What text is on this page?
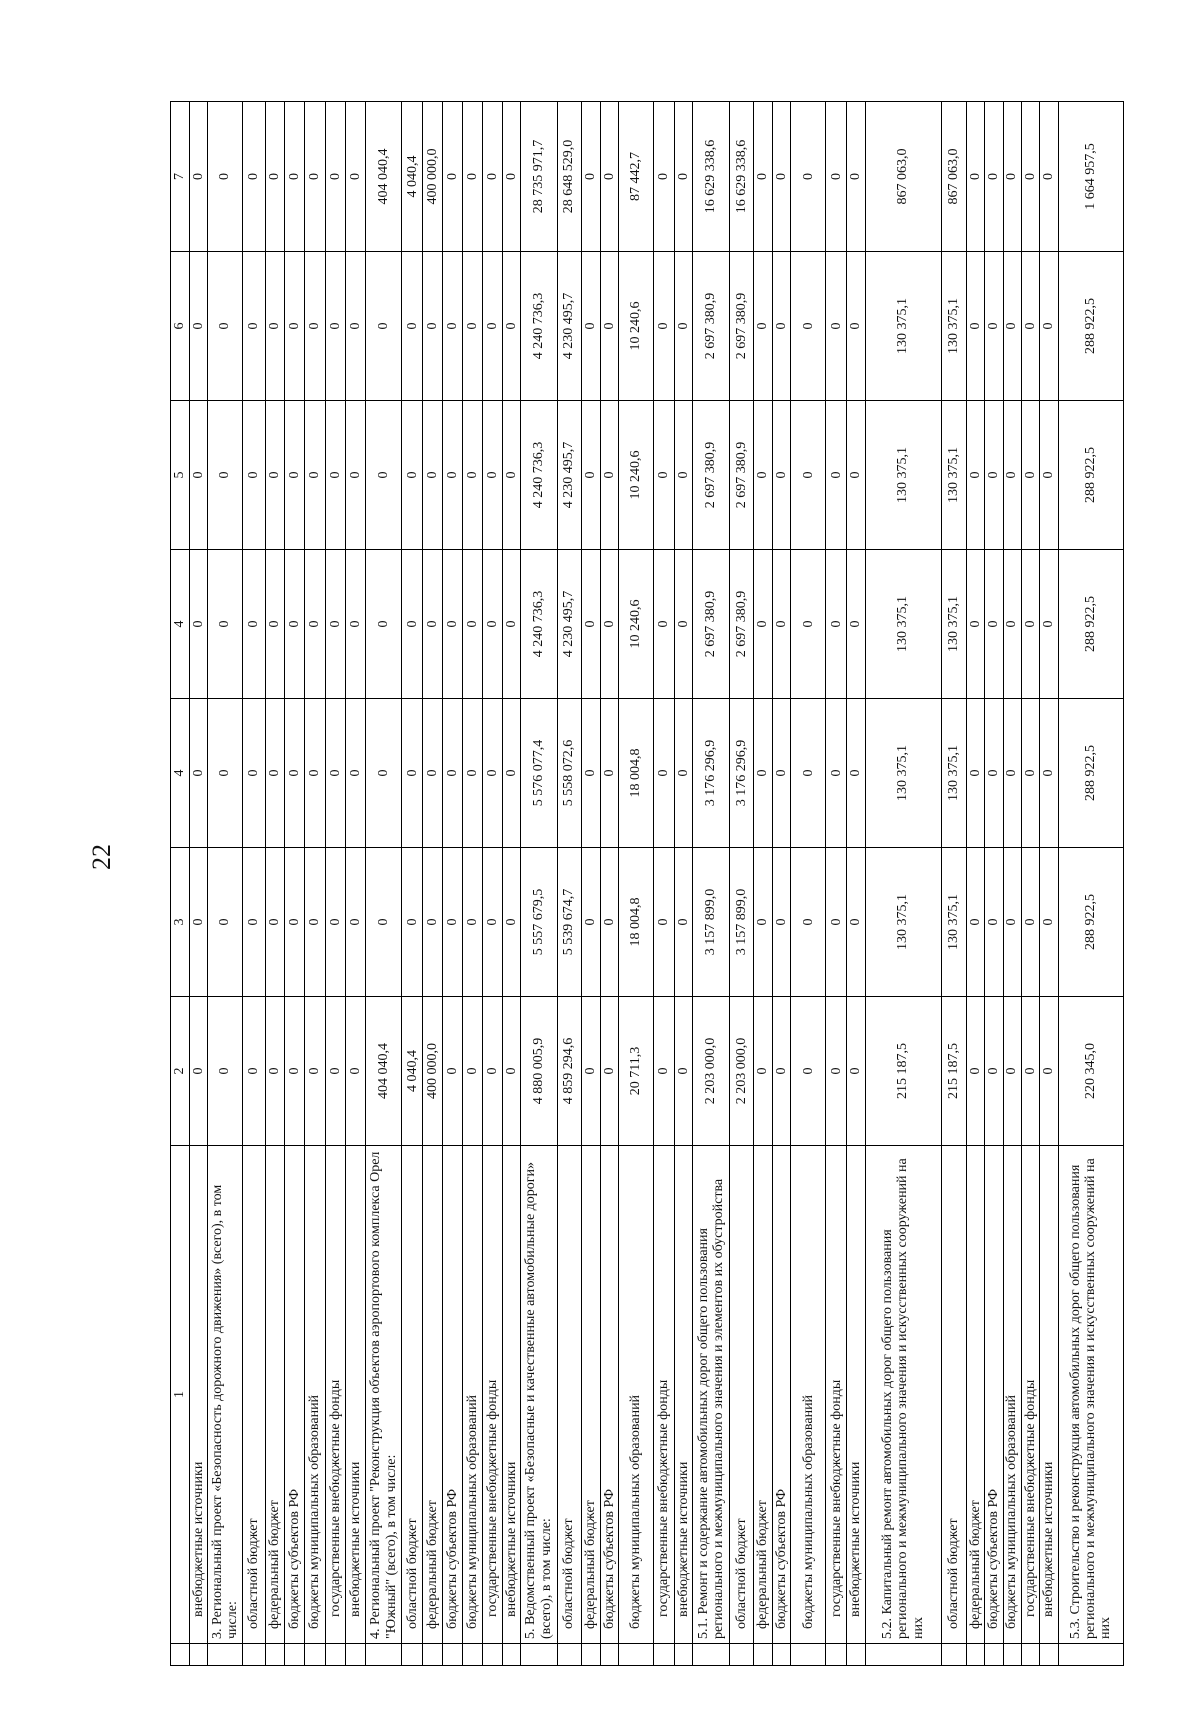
22
	1	2	3	4	4	5	6	7
	внебюджетные источники	0	0	0	0	0	0	0
	3. Региональный проект «Безопасность дорожного движения» (всего), в том числе:	0	0	0	0	0	0	0
	областной бюджет	0	0	0	0	0	0	0
	федеральный бюджет	0	0	0	0	0	0	0
	бюджеты субъектов РФ	0	0	0	0	0	0	0
	бюджеты муниципальных образований	0	0	0	0	0	0	0
	государственные внебюджетные фонды	0	0	0	0	0	0	0
	внебюджетные источники	0	0	0	0	0	0	0
	4. Региональный проект "Реконструкция объектов аэропортового комплекса Орел "Южный" (всего), в том числе:	404 040,4	0	0	0	0	0	404 040,4
	областной бюджет	4 040,4	0	0	0	0	0	4 040,4
	федеральный бюджет	400 000,0	0	0	0	0	0	400 000,0
	бюджеты субъектов РФ	0	0	0	0	0	0	0
	бюджеты муниципальных образований	0	0	0	0	0	0	0
	государственные внебюджетные фонды	0	0	0	0	0	0	0
	внебюджетные источники	0	0	0	0	0	0	0
	5. Ведомственный проект «Безопасные и качественные автомобильные дороги» (всего), в том числе:	4 880 005,9	5 557 679,5	5 576 077,4	4 240 736,3	4 240 736,3	4 240 736,3	28 735 971,7
	областной бюджет	4 859 294,6	5 539 674,7	5 558 072,6	4 230 495,7	4 230 495,7	4 230 495,7	28 648 529,0
	федеральный бюджет	0	0	0	0	0	0	0
	бюджеты субъектов РФ	0	0	0	0	0	0	0
	бюджеты муниципальных образований	20 711,3	18 004,8	18 004,8	10 240,6	10 240,6	10 240,6	87 442,7
	государственные внебюджетные фонды	0	0	0	0	0	0	0
	внебюджетные источники	0	0	0	0	0	0	0
	5.1. Ремонт и содержание автомобильных дорог общего пользования регионального и межмуниципального значения и элементов их обустройства	2 203 000,0	3 157 899,0	3 176 296,9	2 697 380,9	2 697 380,9	2 697 380,9	16 629 338,6
	областной бюджет	2 203 000,0	3 157 899,0	3 176 296,9	2 697 380,9	2 697 380,9	2 697 380,9	16 629 338,6
	федеральный бюджет	0	0	0	0	0	0	0
	бюджеты субъектов РФ	0	0	0	0	0	0	0
	бюджеты муниципальных образований	0	0	0	0	0	0	0
	государственные внебюджетные фонды	0	0	0	0	0	0	0
	внебюджетные источники	0	0	0	0	0	0	0
	5.2. Капитальный ремонт автомобильных дорог общего пользования регионального и межмуниципального значения и искусственных сооружений на них	215 187,5	130 375,1	130 375,1	130 375,1	130 375,1	130 375,1	867 063,0
	областной бюджет	215 187,5	130 375,1	130 375,1	130 375,1	130 375,1	130 375,1	867 063,0
	федеральный бюджет	0	0	0	0	0	0	0
	бюджеты субъектов РФ	0	0	0	0	0	0	0
	бюджеты муниципальных образований	0	0	0	0	0	0	0
	государственные внебюджетные фонды	0	0	0	0	0	0	0
	внебюджетные источники	0	0	0	0	0	0	0
	5.3. Строительство и реконструкция автомобильных дорог общего пользования регионального и межмуниципального значения и искусственных сооружений на них	220 345,0	288 922,5	288 922,5	288 922,5	288 922,5	288 922,5	1 664 957,5
